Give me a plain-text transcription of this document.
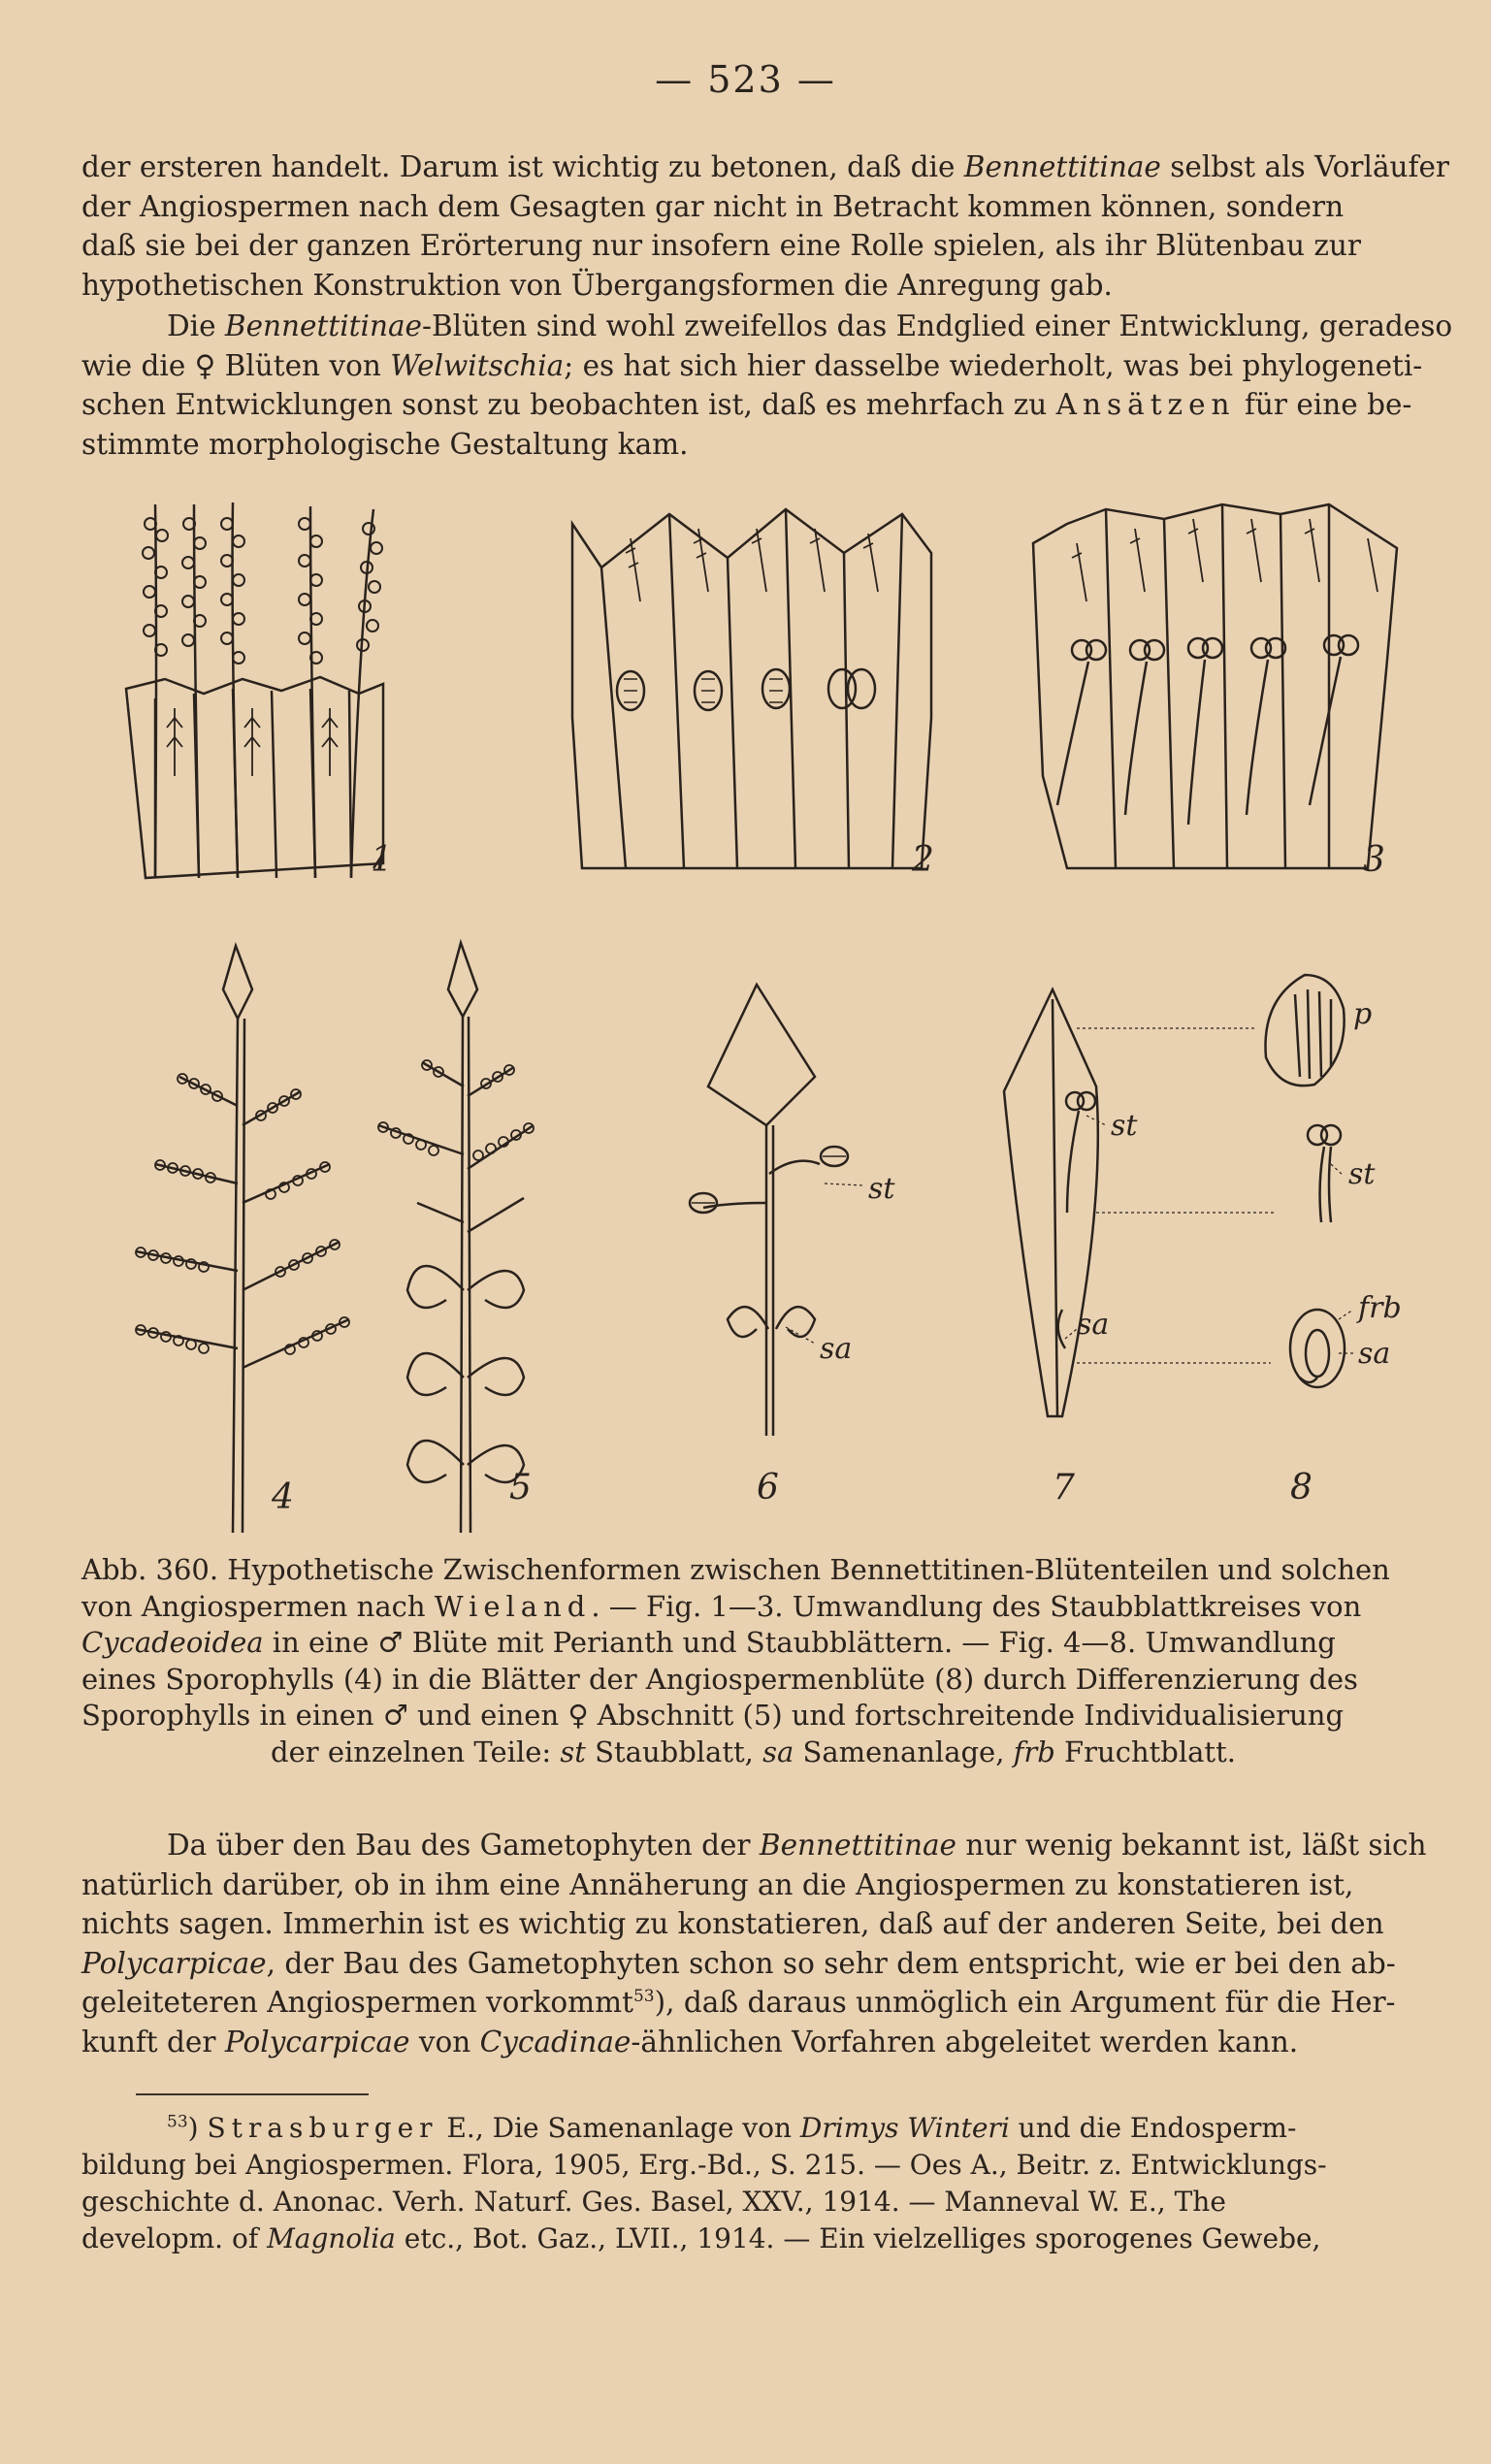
— 523 —

der ersteren handelt. Darum ist wichtig zu betonen, daß die Bennettitinae selbst als Vorläufer
der Angiospermen nach dem Gesagten gar nicht in Betracht kommen können, sondern
daß sie bei der ganzen Erörterung nur insofern eine Rolle spielen, als ihr Blütenbau zur
hypothetischen Konstruktion von Übergangsformen die Anregung gab.

Die Bennettitinae-Blüten sind wohl zweifellos das Endglied einer Entwicklung, geradeso
wie die ♀ Blüten von Welwitschia; es hat sich hier dasselbe wiederholt, was bei phylogeneti-
schen Entwicklungen sonst zu beobachten ist, daß es mehrfach zu Ansätzen für eine be-
stimmte morphologische Gestaltung kam.

1	2	3
4	5	6	7	8
st
sa
st
sa
p
st
frb
sa

Abb. 360. Hypothetische Zwischenformen zwischen Bennettitinen-Blütenteilen und solchen
von Angiospermen nach Wieland. — Fig. 1—3. Umwandlung des Staubblattkreises von
Cycadeoidea in eine ♂ Blüte mit Perianth und Staubblättern. — Fig. 4—8. Umwandlung
eines Sporophylls (4) in die Blätter der Angiospermenblüte (8) durch Differenzierung des
Sporophylls in einen ♂ und einen ♀ Abschnitt (5) und fortschreitende Individualisierung
der einzelnen Teile: st Staubblatt, sa Samenanlage, frb Fruchtblatt.

Da über den Bau des Gametophyten der Bennettitinae nur wenig bekannt ist, läßt sich
natürlich darüber, ob in ihm eine Annäherung an die Angiospermen zu konstatieren ist,
nichts sagen. Immerhin ist es wichtig zu konstatieren, daß auf der anderen Seite, bei den
Polycarpicae, der Bau des Gametophyten schon so sehr dem entspricht, wie er bei den ab-
geleiteteren Angiospermen vorkommt$^{53}$), daß daraus unmöglich ein Argument für die Her-
kunft der Polycarpicae von Cycadinae-ähnlichen Vorfahren abgeleitet werden kann.

$^{53}$) Strasburger E., Die Samenanlage von Drimys Winteri und die Endosperm-
bildung bei Angiospermen. Flora, 1905, Erg.-Bd., S. 215. — Oes A., Beitr. z. Entwicklungs-
geschichte d. Anonac. Verh. Naturf. Ges. Basel, XXV., 1914. — Manneval W. E., The
developm. of Magnolia etc., Bot. Gaz., LVII., 1914. — Ein vielzelliges sporogenes Gewebe,
